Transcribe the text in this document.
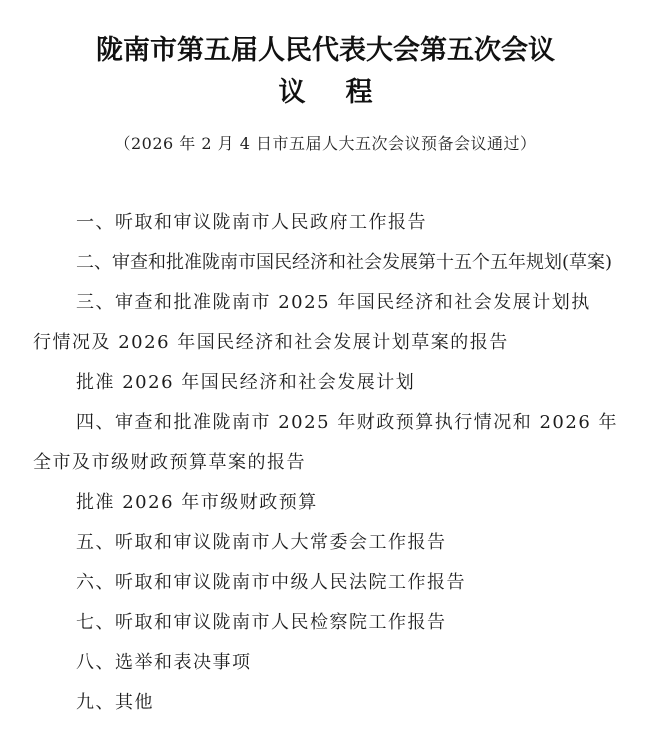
陇南市第五届人民代表大会第五次会议
议 程
（2026 年 2 月 4 日市五届人大五次会议预备会议通过）
一、听取和审议陇南市人民政府工作报告
二、审查和批准陇南市国民经济和社会发展第十五个五年规划(草案)
三、审查和批准陇南市 2025 年国民经济和社会发展计划执
行情况及 2026 年国民经济和社会发展计划草案的报告
批准 2026 年国民经济和社会发展计划
四、审查和批准陇南市 2025 年财政预算执行情况和 2026 年
全市及市级财政预算草案的报告
批准 2026 年市级财政预算
五、听取和审议陇南市人大常委会工作报告
六、听取和审议陇南市中级人民法院工作报告
七、听取和审议陇南市人民检察院工作报告
八、选举和表决事项
九、其他
